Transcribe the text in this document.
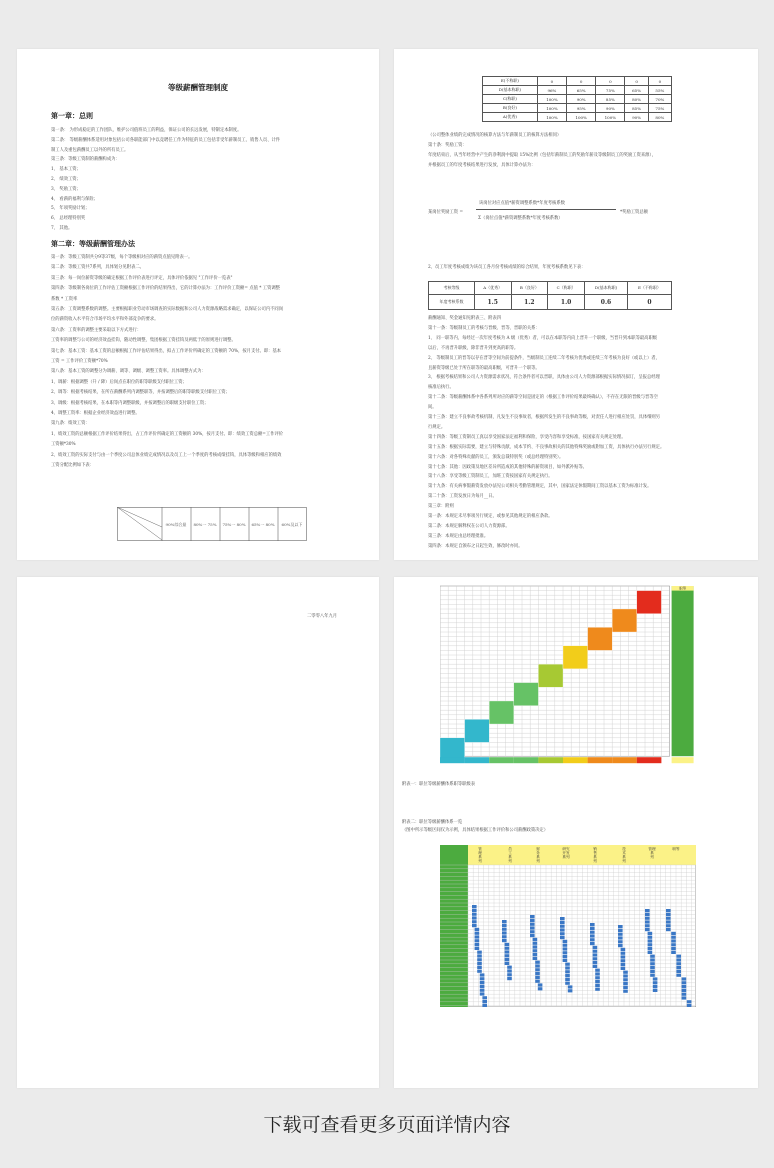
等级薪酬管理制度
第一章：总则
第一条： 为形成稳定的工作团队，维护公司值班员工的利益，保证公司的长远发展，特制定本制度。
第二条： 等级薪酬体系适用对象包括公司各职能部门中以竞聘任工作为特征的员工包括非受年薪制员工、销售人员、计件
制工人及重包薪酬员工以外的所有员工。
第三条：等级工资制的薪酬构成为：
1、 基本工资；
2、 绩效工资；
3、 奖励工资；
4、 看薪的福利与保险；
5、 年项奖励计划；
6、 总经理特别奖
7、 其他。
第二章：等级薪酬管理办法
第一条：等级工资制共分9等37级，每个等级相对应的薪资点值见附表一。
第二条：等级工资共7系列，具体划分见附表二。
第三条：每一岗位薪资等级的确定根据工作评价表进行评定，具体评价依据见 "工作评价一览表"
第四条：等级制各岗位的工作评估工资额根据工作评价的结果得出，它的计算办法为：工作评价工资额= 点值 * 工资调整
系数 * 工资率
第五条：工资调整系数的调整。主要根据职业劳动市场调查的实际数据和公司人力资源战略需求确定，以保证公司内不同岗
位的薪资收入水平符合市场平均水平和外部竞争的要求。
第六条：工资率的调整主要采取以下方式进行：
工资率的调整与公司的经济效益挂钩，随动性调整，集团根据工资挂钩及两低于的原则进行调整。
第七条：基本工资：基本工资的总额根据工作评估结果得出，拟占工作评价所确定的工资额的 70%，按月支付。即：基本
工资 = 工作评价工资额*70%
第八条：基本工资的调整分为调薪、调等、调级、调整工资率。具体调整方式为：
1、调薪：根据调整（升 / 降）后岗点在职位的职等职级支付职位工资；
2、调等：根据考核结果，在所在薪酬系列内调整职等，并按调整后的职等职级支付职位工资；
3、调级：根据考核结果，在本职等内调整职级，并按调整后的职级支付职位工资；
4、调整工资率：根据企业经济效益进行调整。
第九条：绩效工资：
1、绩效工资的总额根据工作评价结果得出，占工作评价所确定的工资额的 30%，按月支付。即：绩效工资总额=工作评价
工资额*30%
2、绩效工资的实际支付与由一个季度公司总体业绩完成情况以及员工上一个季度的考核成绩挂钩，具体等级和相应的绩效
工资分配比例如下表：
90%综合最 80%一 75% 75%一 80% 65%一 80% 60%及以下
E(不称职)	0	0	0	0	0
D(基本称职)	96%	65%	75%	65%	55%
C(称职)	100%	90%	85%	80%	70%
B(良好)	100%	95%	90%	85%	75%
A(优秀)	100%	100%	100%	90%	80%
（公司整体业绩的完成情况的核算方法与年薪制员工的核算方法相同）
第十条：奖励工资：
年度结束后，从当年经营中产生的净利润中提取 15%比例（包括年薪制员工的奖励年薪及等级制员工的奖励工资来源），
并根据员工的年度考核结果进行发放，具体计算办法为：
某岗位奖励工资 =
该岗位对应点值*薪资调整系数*年度考核系数
Σ（岗位点值*薪资调整系数*年度考核系数）
*奖励工资总额
2、员工年度考核成绩为该员工各月份考核成绩的综合结果，年度考核系数见下表：
考核等级	A（优秀）	B（良好）	C（称职）	D(基本称职)	E（不称职）
年度考核系数	1.5	1.2	1.0	0.6	0
薪酬通知、奖金通知见附表三、附表四
第十一条：等级制员工的考核与晋级、晋等、晋职的关系：
1、 同一职等内，每经过一次年度考核为 A 级（优秀）者，可以在本职等内向上晋升一个职级，当晋升到本职等最高职级
以后，不再晋升职级，除非晋升到更高的职等。
2、 等级制员工的晋等以存在晋等空间为前提条件，当级制员工连续二年考核为优秀或连续三年考核为良好（或以上）者，
且薪资等级已处于所在职等的最高职级，可晋升一个职等。
3、 根据考核结果和公司人力资源需求状况，符合条件者可以晋职，具体由公司人力资源部根据实际情况拟订，呈报总经理
核准后执行。
第十二条：等级薪酬体系中各系列所对应的薪等空间是固定的（根据工作评价结果最终确认），不存在无限的晋级与晋等空
间。
第十三条：建立不良事故考核机制，凡发生不良事故者，根据所发生的不良事故等级，对责任人进行相应处罚，具体细则另
行规定。
第十四条：等级工资制员工真以享受国家法定福利和保险，享受内容和享受标准，按国家有关规定处理。
第十五条：根据实际需要，建立与特殊贡献、成本节约、不良事故相关的其他特殊奖励或附加工资，具体执行办法另行规定。
第十六条：对各特殊贡献的员工，颁发总裁特别奖（或总经理特别奖）。
第十七条：其他：因政策及地区差异所造成的其他特殊的薪资项目，如外派补贴等。
第十八条：享受等级工资制员工，加班工资按国家有关规定执行。
第十九条：有关病事假薪资发放办法见公司相关考勤管理规定，其中，国家法定休假期间工资以基本工资为标准计发。
第二十条：工资发放日为每月__日。
第三章：附则
第一条：本规定未尽事项另行规定，或参见其他规定的相应条款。
第二条：本规定解释权在公司人力资源部。
第三条：本规定由总经理批准。
第四条：本规定自颁布之日起生效，修改时亦同。
二零零八年九月
职等
附表一：职位等级薪酬体系职等职级表
附表二：职位等级薪酬体系一览
（图中所示等级区间仅为示例，具体结果根据工作评价和公司薪酬政策决定）
管
理
系
列
员
工
系
列
财
务
系
列
研究
开发
系列
销
售
系
列
技
术
系
列
管理
系
列
职等
下载可查看更多页面详情内容
